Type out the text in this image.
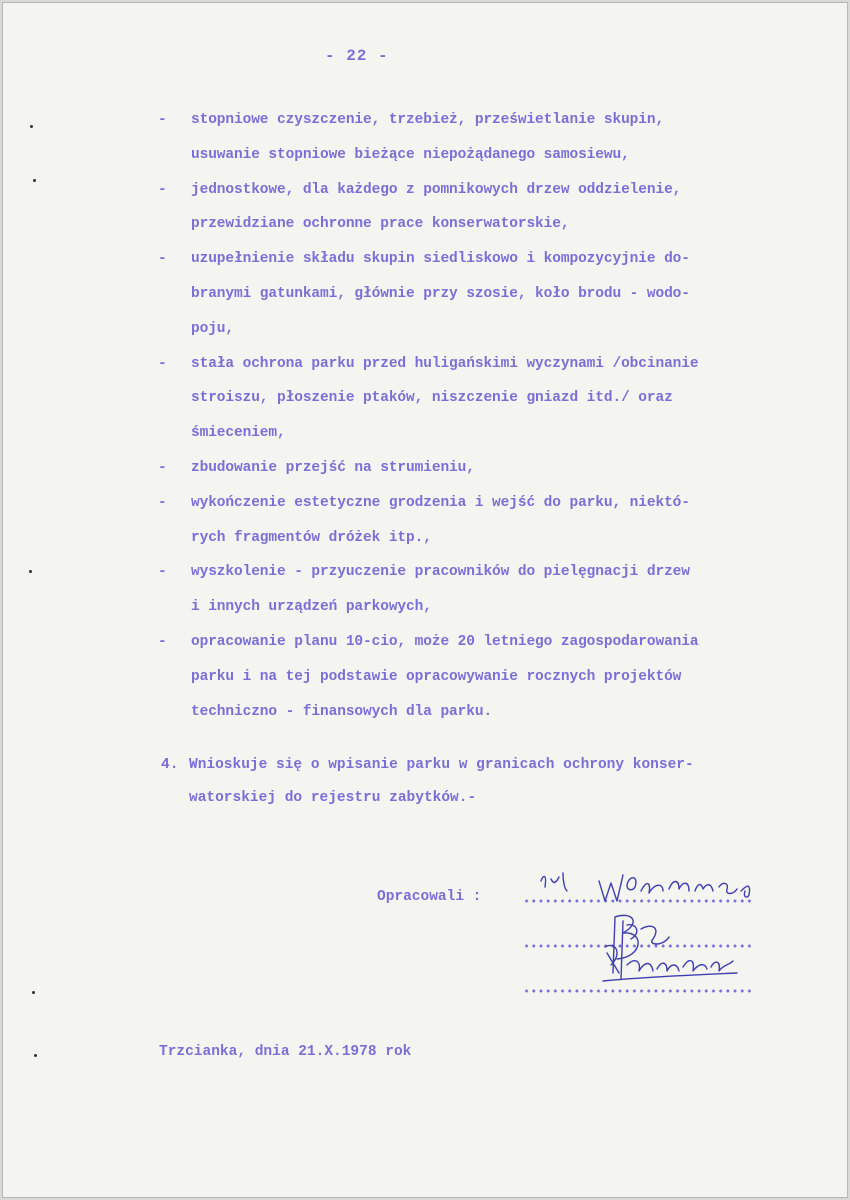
- 22 -
- stopniowe czyszczenie, trzebież, prześwietlanie skupin,
usuwanie stopniowe bieżące niepożądanego samosiewu,
- jednostkowe, dla każdego z pomnikowych drzew oddzielenie,
przewidziane ochronne prace konserwatorskie,
- uzupełnienie składu skupin siedliskowo i kompozycyjnie do-
branymi gatunkami, głównie przy szosie, koło brodu - wodo-
poju,
- stała ochrona parku przed huligańskimi wyczynami /obcinanie
stroiszu, płoszenie ptaków, niszczenie gniazd itd./ oraz
śmieceniem,
- zbudowanie przejść na strumieniu,
- wykończenie estetyczne grodzenia i wejść do parku, niektó-
rych fragmentów dróżek itp.,
- wyszkolenie - przyuczenie pracowników do pielęgnacji drzew
i innych urządzeń parkowych,
- opracowanie planu 10-cio, może 20 letniego zagospodarowania
parku i na tej podstawie opracowywanie rocznych projektów
techniczno - finansowych dla parku.
4. Wnioskuje się o wpisanie parku w granicach ochrony konser-
watorskiej do rejestru zabytków.-
Opracowali :
Trzcianka, dnia 21.X.1978 rok
